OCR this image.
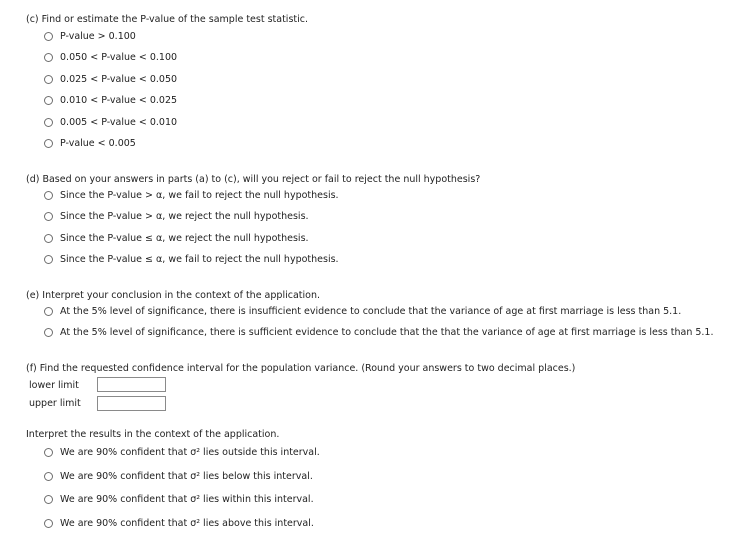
(c) Find or estimate the P-value of the sample test statistic.
P-value > 0.100
0.050 < P-value < 0.100
0.025 < P-value < 0.050
0.010 < P-value < 0.025
0.005 < P-value < 0.010
P-value < 0.005
(d) Based on your answers in parts (a) to (c), will you reject or fail to reject the null hypothesis?
Since the P-value > α, we fail to reject the null hypothesis.
Since the P-value > α, we reject the null hypothesis.
Since the P-value ≤ α, we reject the null hypothesis.
Since the P-value ≤ α, we fail to reject the null hypothesis.
(e) Interpret your conclusion in the context of the application.
At the 5% level of significance, there is insufficient evidence to conclude that the variance of age at first marriage is less than 5.1.
At the 5% level of significance, there is sufficient evidence to conclude that the that the variance of age at first marriage is less than 5.1.
(f) Find the requested confidence interval for the population variance. (Round your answers to two decimal places.)
lower limit
upper limit
Interpret the results in the context of the application.
We are 90% confident that σ² lies outside this interval.
We are 90% confident that σ² lies below this interval.
We are 90% confident that σ² lies within this interval.
We are 90% confident that σ² lies above this interval.
